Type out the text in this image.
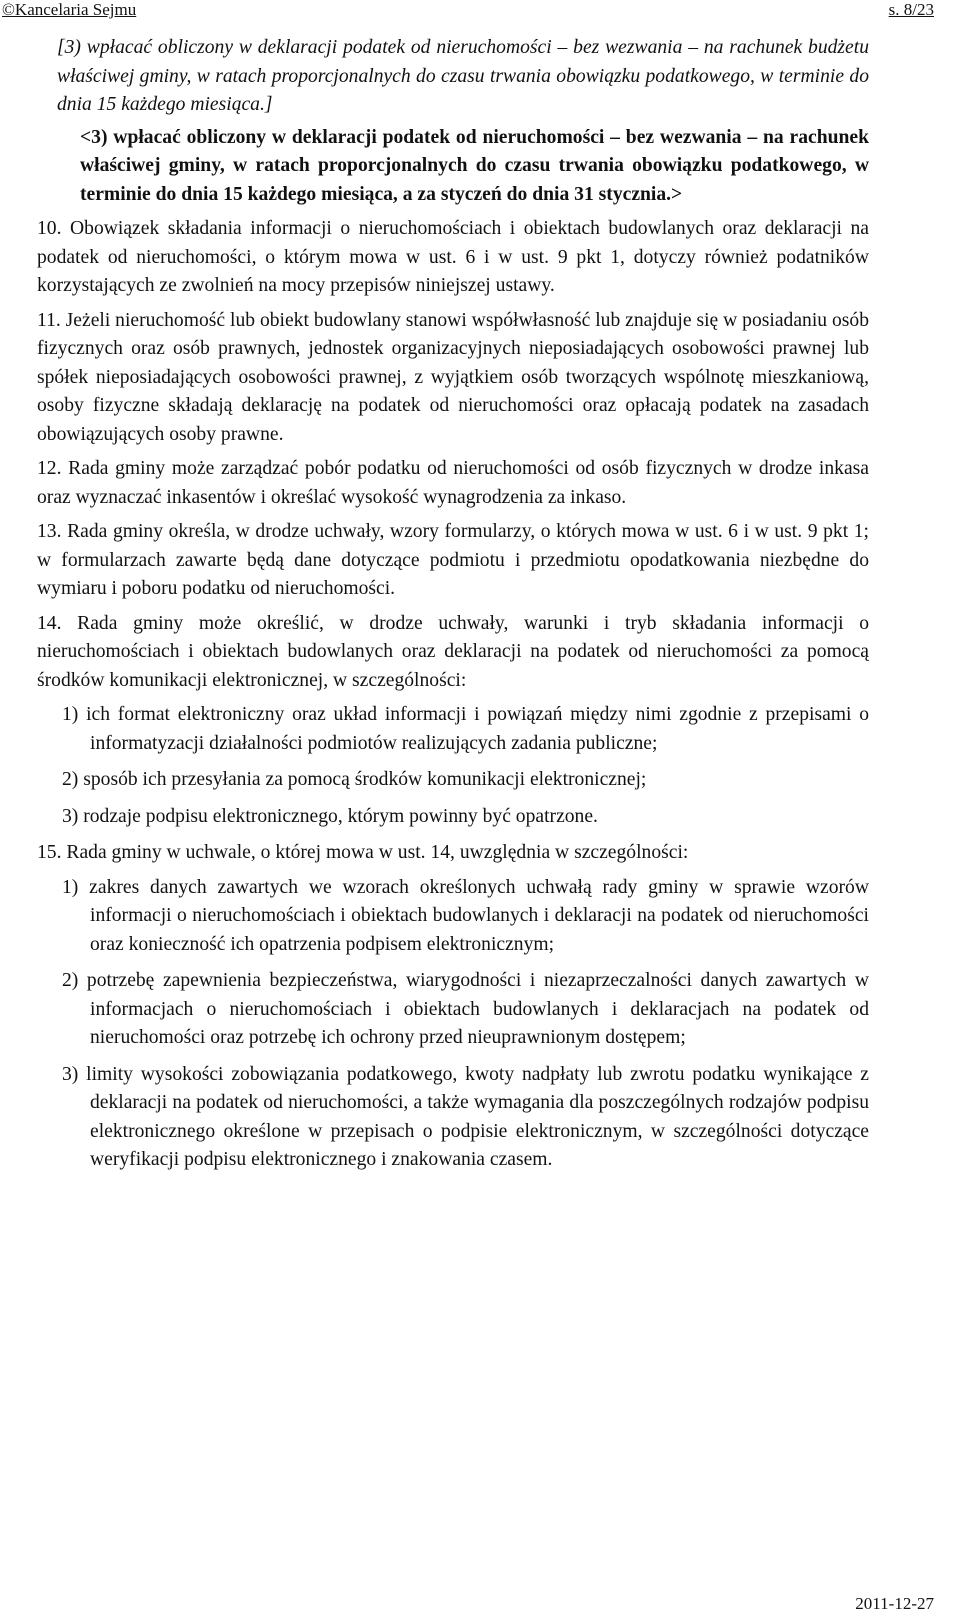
©Kancelaria Sejmu	s. 8/23

[3) wpłacać obliczony w deklaracji podatek od nieruchomości – bez wezwania – na rachunek budżetu właściwej gminy, w ratach proporcjonalnych do czasu trwania obowiązku podatkowego, w terminie do dnia 15 każdego miesiąca.]

<3) wpłacać obliczony w deklaracji podatek od nieruchomości – bez wezwania – na rachunek właściwej gminy, w ratach proporcjonalnych do czasu trwania obowiązku podatkowego, w terminie do dnia 15 każdego miesiąca, a za styczeń do dnia 31 stycznia.>

10. Obowiązek składania informacji o nieruchomościach i obiektach budowlanych oraz deklaracji na podatek od nieruchomości, o którym mowa w ust. 6 i w ust. 9 pkt 1, dotyczy również podatników korzystających ze zwolnień na mocy przepisów niniejszej ustawy.

11. Jeżeli nieruchomość lub obiekt budowlany stanowi współwłasność lub znajduje się w posiadaniu osób fizycznych oraz osób prawnych, jednostek organizacyjnych nieposiadających osobowości prawnej lub spółek nieposiadających osobowości prawnej, z wyjątkiem osób tworzących wspólnotę mieszkaniową, osoby fizyczne składają deklarację na podatek od nieruchomości oraz opłacają podatek na zasadach obowiązujących osoby prawne.

12. Rada gminy może zarządzać pobór podatku od nieruchomości od osób fizycznych w drodze inkasa oraz wyznaczać inkasentów i określać wysokość wynagrodzenia za inkaso.

13. Rada gminy określa, w drodze uchwały, wzory formularzy, o których mowa w ust. 6 i w ust. 9 pkt 1; w formularzach zawarte będą dane dotyczące podmiotu i przedmiotu opodatkowania niezbędne do wymiaru i poboru podatku od nieruchomości.

14. Rada gminy może określić, w drodze uchwały, warunki i tryb składania informacji o nieruchomościach i obiektach budowlanych oraz deklaracji na podatek od nieruchomości za pomocą środków komunikacji elektronicznej, w szczególności:

1) ich format elektroniczny oraz układ informacji i powiązań między nimi zgodnie z przepisami o informatyzacji działalności podmiotów realizujących zadania publiczne;

2) sposób ich przesyłania za pomocą środków komunikacji elektronicznej;

3) rodzaje podpisu elektronicznego, którym powinny być opatrzone.

15. Rada gminy w uchwale, o której mowa w ust. 14, uwzględnia w szczególności:

1) zakres danych zawartych we wzorach określonych uchwałą rady gminy w sprawie wzorów informacji o nieruchomościach i obiektach budowlanych i deklaracji na podatek od nieruchomości oraz konieczność ich opatrzenia podpisem elektronicznym;

2) potrzebę zapewnienia bezpieczeństwa, wiarygodności i niezaprzeczalności danych zawartych w informacjach o nieruchomościach i obiektach budowlanych i deklaracjach na podatek od nieruchomości oraz potrzebę ich ochrony przed nieuprawnionym dostępem;

3) limity wysokości zobowiązania podatkowego, kwoty nadpłaty lub zwrotu podatku wynikające z deklaracji na podatek od nieruchomości, a także wymagania dla poszczególnych rodzajów podpisu elektronicznego określone w przepisach o podpisie elektronicznym, w szczególności dotyczące weryfikacji podpisu elektronicznego i znakowania czasem.

2011-12-27
